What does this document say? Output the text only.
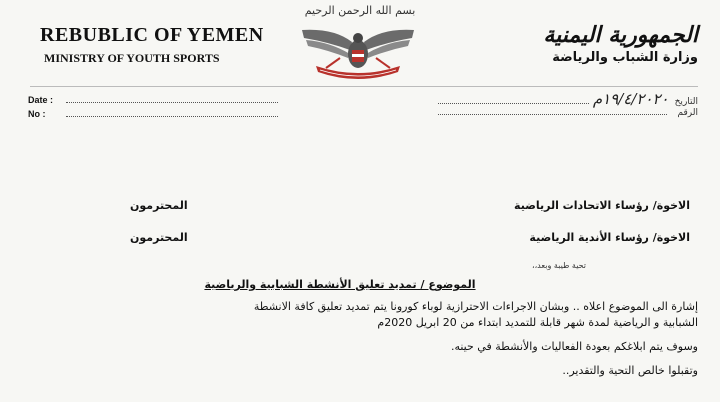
بسم الله الرحمن الرحيم
REBUBLIC OF YEMEN
MINISTRY OF YOUTH SPORTS
الجمهورية اليمنية
وزارة الشباب والرياضة
Date :
No :
التاريخ
١٩/٤/٢٠٢٠م
الرقم
الاخوة/ رؤساء الاتحادات الرياضية
المحترمون
الاخوة/ رؤساء الأندية الرياضية
المحترمون
تحية طيبة وبعد،،
الموضوع / تمديد تعليق الأنشطة الشبابية والرياضية
إشارة الى الموضوع اعلاه .. وبشان الاجراءات الاحترازية لوباء كورونا يتم تمديد تعليق كافة الانشطة
الشبابية و الرياضية لمدة شهر قابلة للتمديد ابتداء من 20 ابريل 2020م
وسوف يتم ابلاغكم بعودة الفعاليات والأنشطة في حينه.
وتقبلوا خالص التحية والتقدير..
